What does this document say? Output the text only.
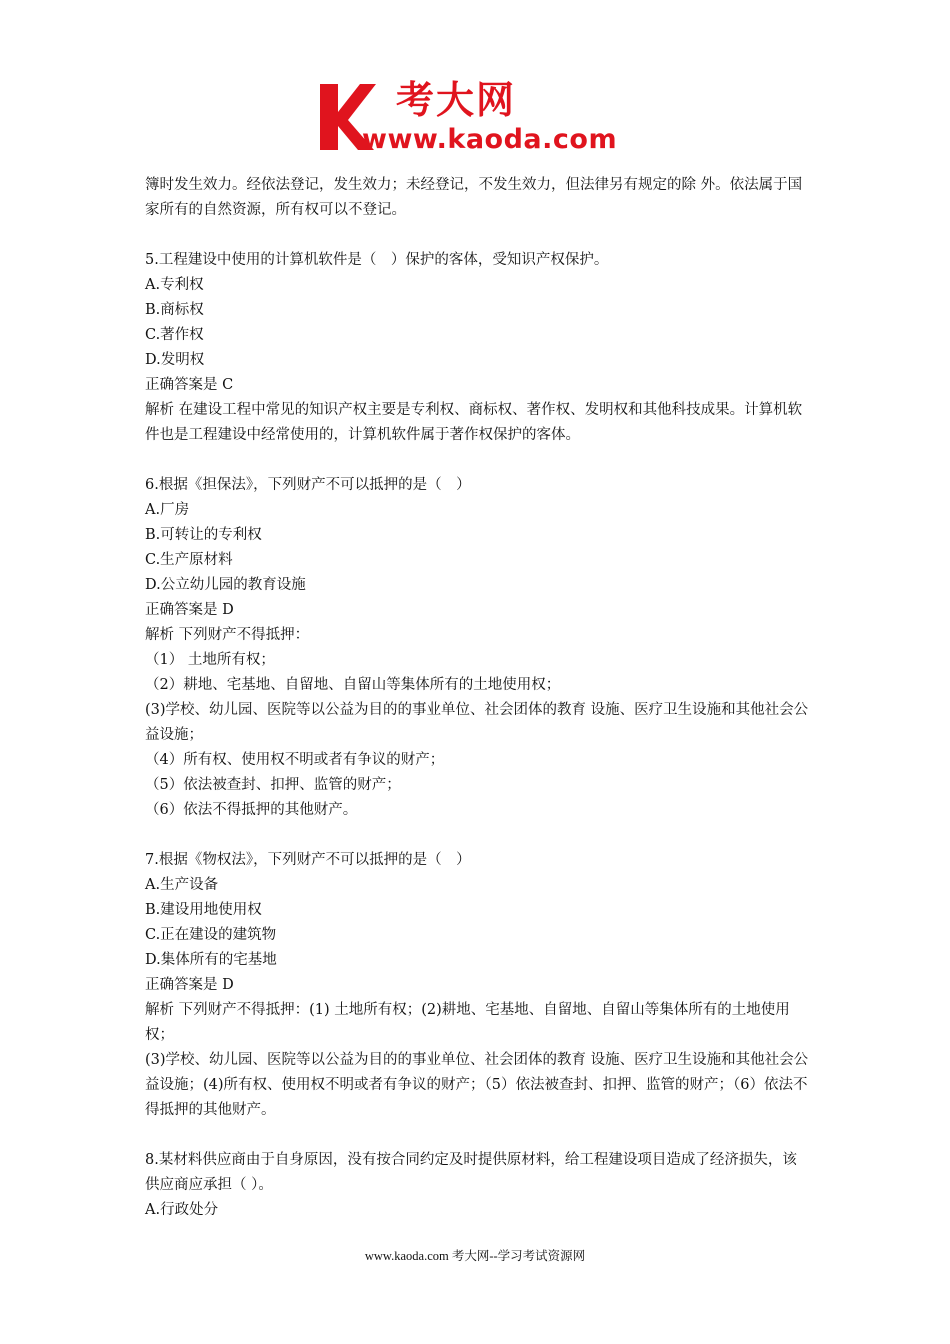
考大网
www.kaoda.com

簿时发生效力。经依法登记，发生效力；未经登记，不发生效力，但法律另有规定的除 外。依法属于国家所有的自然资源，所有权可以不登记。

5.工程建设中使用的计算机软件是（　）保护的客体，受知识产权保护。

A.专利权

B.商标权

C.著作权

D.发明权

正确答案是 C

解析 在建设工程中常见的知识产权主要是专利权、商标权、著作权、发明权和其他科技成果。计算机软件也是工程建设中经常使用的，计算机软件属于著作权保护的客体。

6.根据《担保法》，下列财产不可以抵押的是（　）

A.厂房

B.可转让的专利权

C.生产原材料

D.公立幼儿园的教育设施

正确答案是 D

解析 下列财产不得抵押：

（1） 土地所有权；

（2）耕地、宅基地、自留地、自留山等集体所有的土地使用权；

(3)学校、幼儿园、医院等以公益为目的的事业单位、社会团体的教育 设施、医疗卫生设施和其他社会公益设施；

（4）所有权、使用权不明或者有争议的财产；

（5）依法被查封、扣押、监管的财产；

（6）依法不得抵押的其他财产。

7.根据《物权法》，下列财产不可以抵押的是（　）

A.生产设备

B.建设用地使用权

C.正在建设的建筑物

D.集体所有的宅基地

正确答案是 D

解析 下列财产不得抵押：(1) 土地所有权；(2)耕地、宅基地、自留地、自留山等集体所有的土地使用权；

(3)学校、幼儿园、医院等以公益为目的的事业单位、社会团体的教育 设施、医疗卫生设施和其他社会公益设施；(4)所有权、使用权不明或者有争议的财产；（5）依法被查封、扣押、监管的财产；（6）依法不得抵押的其他财产。

8.某材料供应商由于自身原因，没有按合同约定及时提供原材料，给工程建设项目造成了经济损失，该供应商应承担（ ）。

A.行政处分

www.kaoda.com 考大网--学习考试资源网
